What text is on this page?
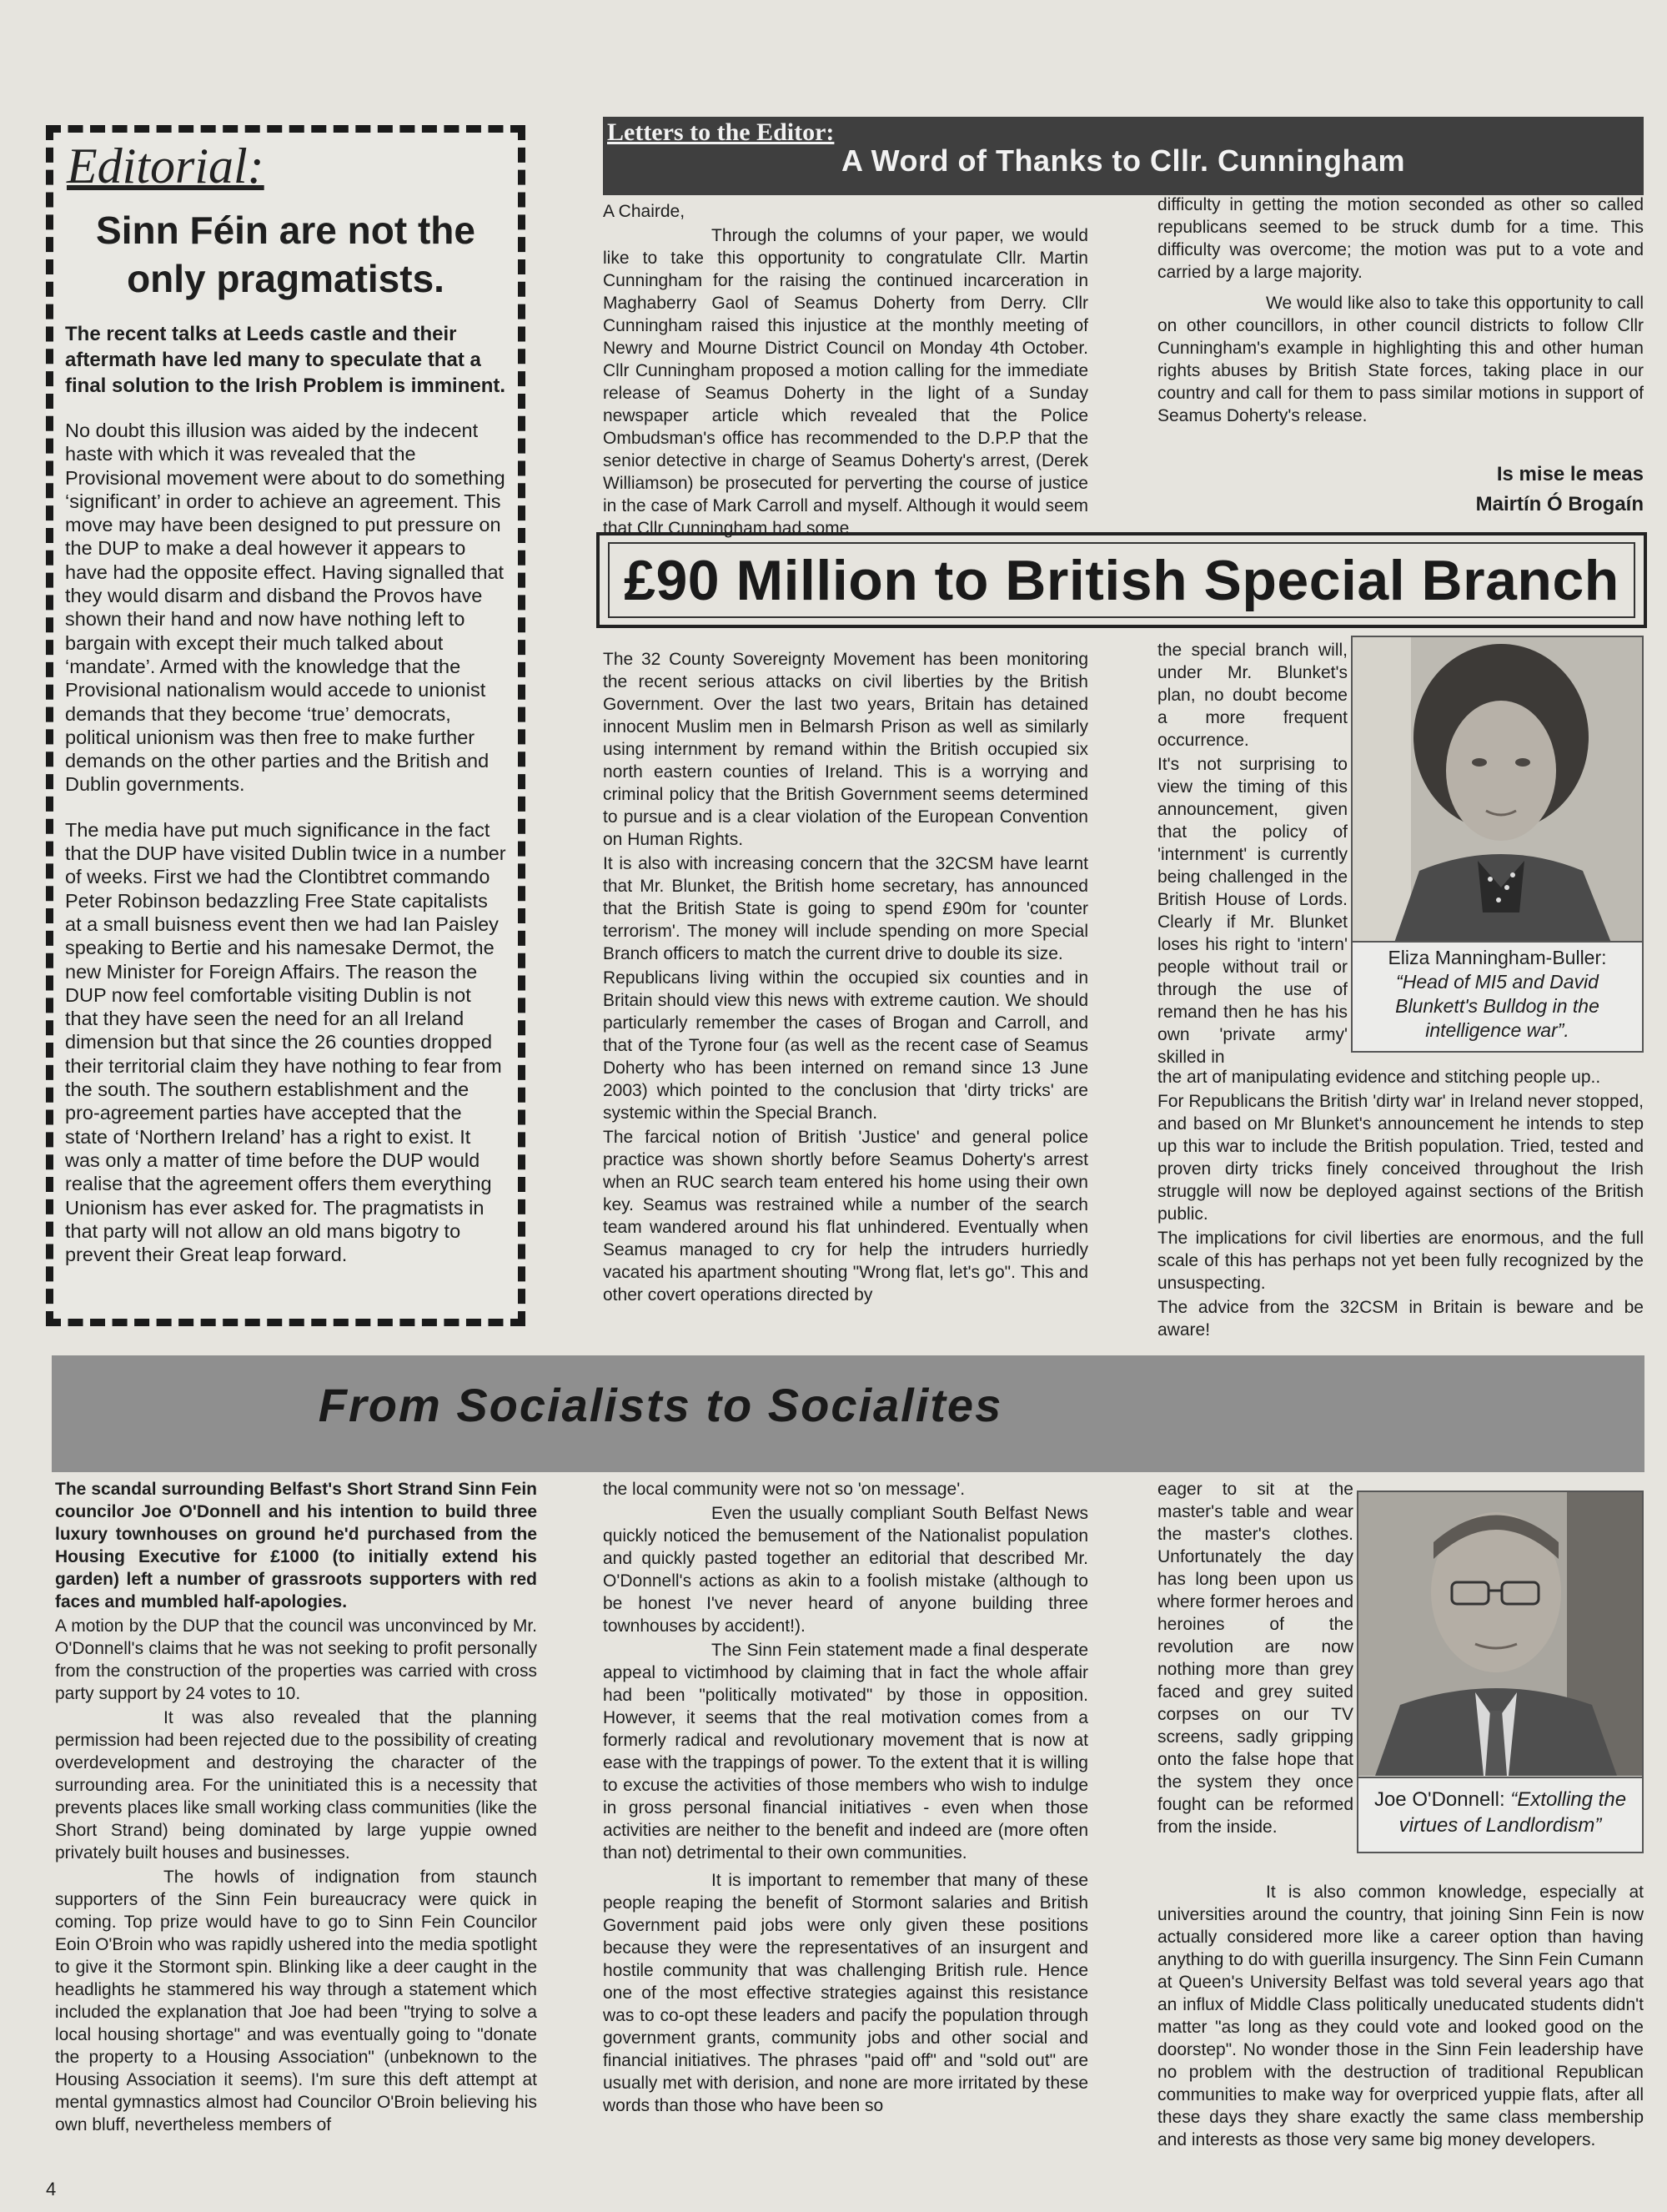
Editorial:
Sinn Féin are not the only pragmatists.

The recent talks at Leeds castle and their aftermath have led many to speculate that a final solution to the Irish Problem is imminent.

No doubt this illusion was aided by the indecent haste with which it was revealed that the Provisional movement were about to do something ‘significant’ in order to achieve an agreement. This move may have been designed to put pressure on the DUP to make a deal however it appears to have had the opposite effect. Having signalled that they would disarm and disband the Provos have shown their hand and now have nothing left to bargain with except their much talked about ‘mandate’. Armed with the knowledge that the Provisional nationalism would accede to unionist demands that they become ‘true’ democrats, political unionism was then free to make further demands on the other parties and the British and Dublin governments.

The media have put much significance in the fact that the DUP have visited Dublin twice in a number of weeks. First we had the Clontibtret commando Peter Robinson bedazzling Free State capitalists at a small buisness event then we had Ian Paisley speaking to Bertie and his namesake Dermot, the new Minister for Foreign Affairs. The reason the DUP now feel comfortable visiting Dublin is not that they have seen the need for an all Ireland dimension but that since the 26 counties dropped their territorial claim they have nothing to fear from the south. The southern establishment and the pro-agreement parties have accepted that the state of ‘Northern Ireland’ has a right to exist. It was only a matter of time before the DUP would realise that the agreement offers them everything Unionism has ever asked for. The pragmatists in that party will not allow an old mans bigotry to prevent their Great leap forward.

Letters to the Editor:
A Word of Thanks to Cllr. Cunningham

A Chairde,

Through the columns of your paper, we would like to take this opportunity to congratulate Cllr. Martin Cunningham for the raising the continued incarceration in Maghaberry Gaol of Seamus Doherty from Derry. Cllr Cunningham raised this injustice at the monthly meeting of Newry and Mourne District Council on Monday 4th October. Cllr Cunningham proposed a motion calling for the immediate release of Seamus Doherty in the light of a Sunday newspaper article which revealed that the Police Ombudsman's office has recommended to the D.P.P that the senior detective in charge of Seamus Doherty's arrest, (Derek Williamson) be prosecuted for perverting the course of justice in the case of Mark Carroll and myself. Although it would seem that Cllr Cunningham had some

difficulty in getting the motion seconded as other so called republicans seemed to be struck dumb for a time. This difficulty was overcome; the motion was put to a vote and carried by a large majority.

We would like also to take this opportunity to call on other councillors, in other council districts to follow Cllr Cunningham's example in highlighting this and other human rights abuses by British State forces, taking place in our country and call for them to pass similar motions in support of Seamus Doherty's release.

Is mise le meas

Mairtín Ó Brogaín

£90 Million to British Special Branch

The 32 County Sovereignty Movement has been monitoring the recent serious attacks on civil liberties by the British Government. Over the last two years, Britain has detained innocent Muslim men in Belmarsh Prison as well as similarly using internment by remand within the British occupied six north eastern counties of Ireland. This is a worrying and criminal policy that the British Government seems determined to pursue and is a clear violation of the European Convention on Human Rights.

It is also with increasing concern that the 32CSM have learnt that Mr. Blunket, the British home secretary, has announced that the British State is going to spend £90m for 'counter terrorism'. The money will include spending on more Special Branch officers to match the current drive to double its size.

Republicans living within the occupied six counties and in Britain should view this news with extreme caution. We should particularly remember the cases of Brogan and Carroll, and that of the Tyrone four (as well as the recent case of Seamus Doherty who has been interned on remand since 13 June 2003) which pointed to the conclusion that 'dirty tricks' are systemic within the Special Branch.

The farcical notion of British 'Justice' and general police practice was shown shortly before Seamus Doherty's arrest when an RUC search team entered his home using their own key. Seamus was restrained while a number of the search team wandered around his flat unhindered. Eventually when Seamus managed to cry for help the intruders hurriedly vacated his apartment shouting "Wrong flat, let's go". This and other covert operations directed by

the special branch will, under Mr. Blunket's plan, no doubt become a more frequent occurrence.

It's not surprising to view the timing of this announcement, given that the policy of 'internment' is currently being challenged in the British House of Lords. Clearly if Mr. Blunket loses his right to 'intern' people without trail or through the use of remand then he has his own 'private army' skilled in

Eliza Manningham-Buller:
“Head of MI5 and David Blunkett's Bulldog in the intelligence war”.

the art of manipulating evidence and stitching people up..

For Republicans the British 'dirty war' in Ireland never stopped, and based on Mr Blunket's announcement he intends to step up this war to include the British population. Tried, tested and proven dirty tricks finely conceived throughout the Irish struggle will now be deployed against sections of the British public.

The implications for civil liberties are enormous, and the full scale of this has perhaps not yet been fully recognized by the unsuspecting.

The advice from the 32CSM in Britain is beware and be aware!

From Socialists to Socialites

The scandal surrounding Belfast's Short Strand Sinn Fein councilor Joe O'Donnell and his intention to build three luxury townhouses on ground he'd purchased from the Housing Executive for £1000 (to initially extend his garden) left a number of grassroots supporters with red faces and mumbled half-apologies.

A motion by the DUP that the council was unconvinced by Mr. O'Donnell's claims that he was not seeking to profit personally from the construction of the properties was carried with cross party support by 24 votes to 10.

It was also revealed that the planning permission had been rejected due to the possibility of creating overdevelopment and destroying the character of the surrounding area. For the uninitiated this is a necessity that prevents places like small working class communities (like the Short Strand) being dominated by large yuppie owned privately built houses and businesses.

The howls of indignation from staunch supporters of the Sinn Fein bureaucracy were quick in coming. Top prize would have to go to Sinn Fein Councilor Eoin O'Broin who was rapidly ushered into the media spotlight to give it the Stormont spin. Blinking like a deer caught in the headlights he stammered his way through a statement which included the explanation that Joe had been "trying to solve a local housing shortage" and was eventually going to "donate the property to a Housing Association" (unbeknown to the Housing Association it seems). I'm sure this deft attempt at mental gymnastics almost had Councilor O'Broin believing his own bluff, nevertheless members of

the local community were not so 'on message'.

Even the usually compliant South Belfast News quickly noticed the bemusement of the Nationalist population and quickly pasted together an editorial that described Mr. O'Donnell's actions as akin to a foolish mistake (although to be honest I've never heard of anyone building three townhouses by accident!).

The Sinn Fein statement made a final desperate appeal to victimhood by claiming that in fact the whole affair had been "politically motivated" by those in opposition. However, it seems that the real motivation comes from a formerly radical and revolutionary movement that is now at ease with the trappings of power. To the extent that it is willing to excuse the activities of those members who wish to indulge in gross personal financial initiatives - even when those activities are neither to the benefit and indeed are (more often than not) detrimental to their own communities.

It is important to remember that many of these people reaping the benefit of Stormont salaries and British Government paid jobs were only given these positions because they were the representatives of an insurgent and hostile community that was challenging British rule. Hence one of the most effective strategies against this resistance was to co-opt these leaders and pacify the population through government grants, community jobs and other social and financial initiatives. The phrases "paid off" and "sold out" are usually met with derision, and none are more irritated by these words than those who have been so

eager to sit at the master's table and wear the master's clothes. Unfortunately the day has long been upon us where former heroes and heroines of the revolution are now nothing more than grey faced and grey suited corpses on our TV screens, sadly gripping onto the false hope that the system they once fought can be reformed from the inside.

Joe O'Donnell: “Extolling the virtues of Landlordism”

It is also common knowledge, especially at universities around the country, that joining Sinn Fein is now actually considered more like a career option than having anything to do with guerilla insurgency. The Sinn Fein Cumann at Queen's University Belfast was told several years ago that an influx of Middle Class politically uneducated students didn't matter "as long as they could vote and looked good on the doorstep". No wonder those in the Sinn Fein leadership have no problem with the destruction of traditional Republican communities to make way for overpriced yuppie flats, after all these days they share exactly the same class membership and interests as those very same big money developers.

4
